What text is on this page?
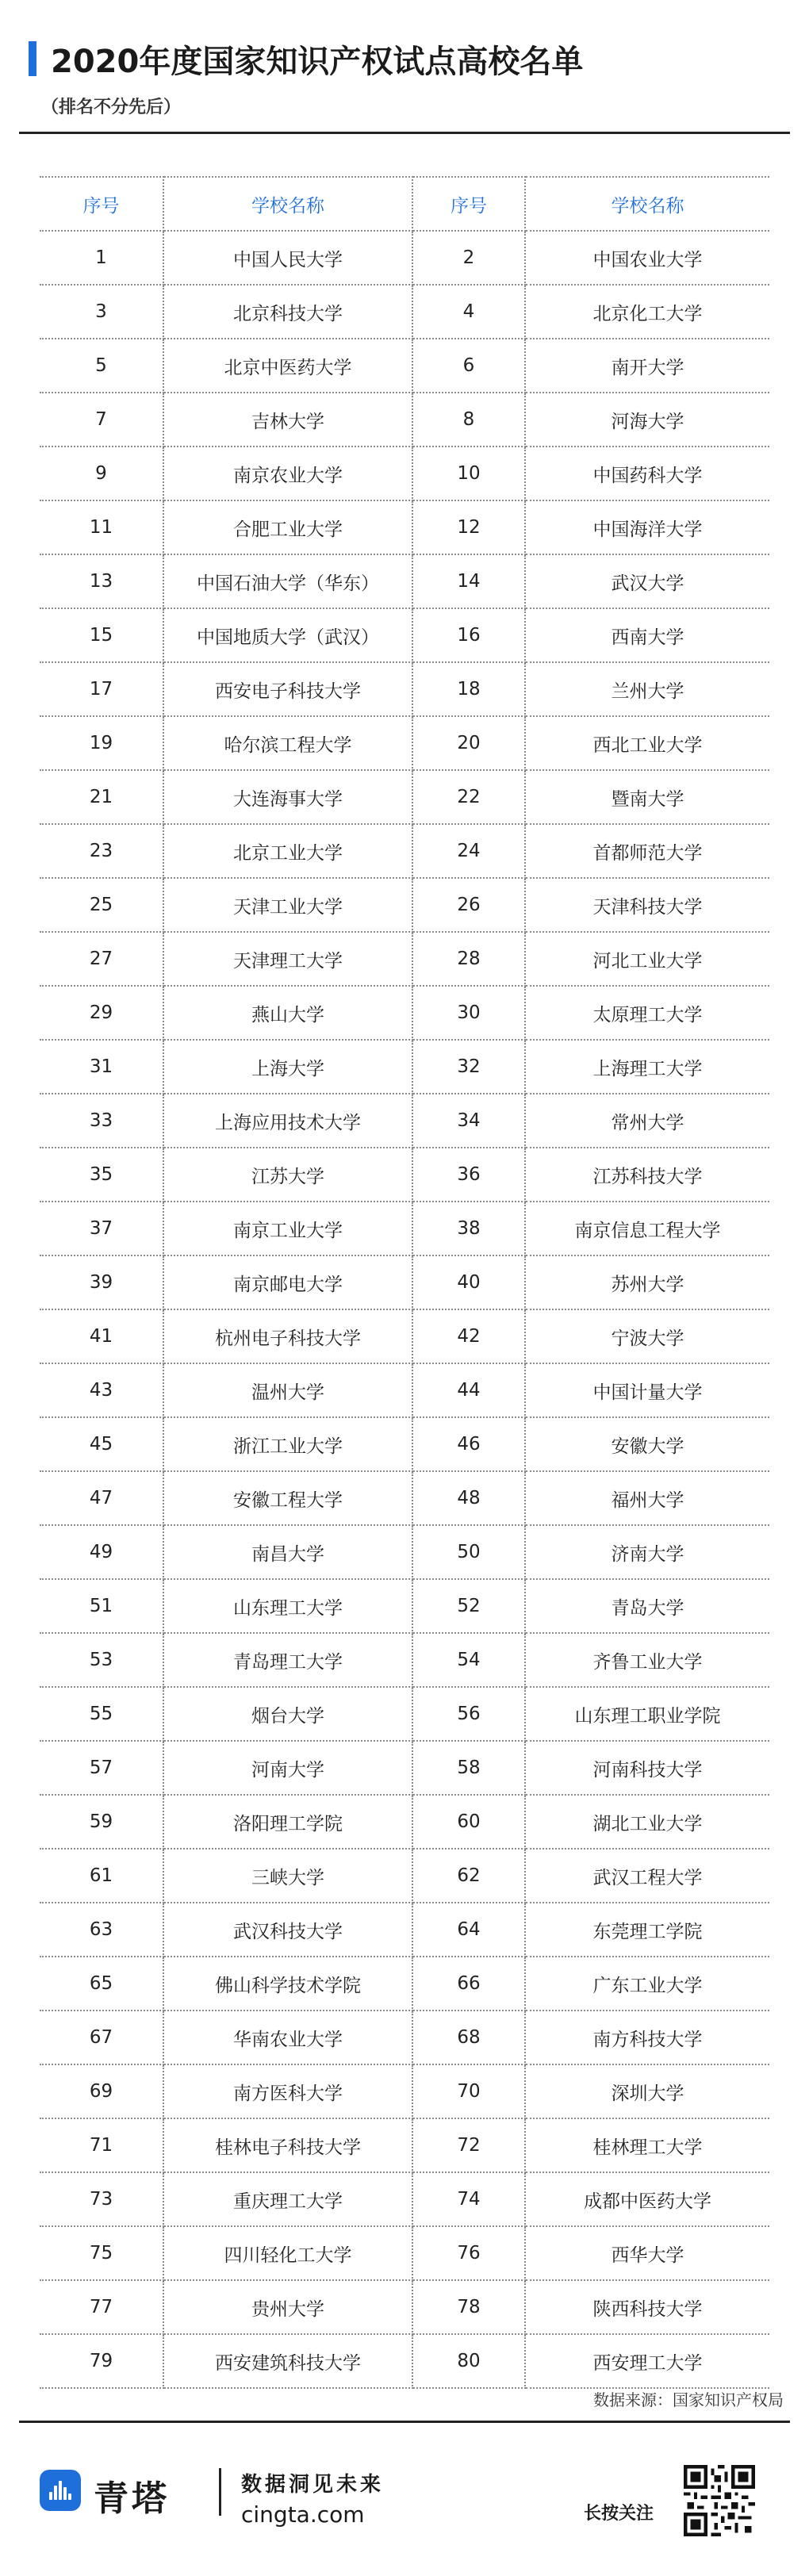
2020年度国家知识产权试点高校名单
（排名不分先后）
序号	学校名称	序号	学校名称
1	中国人民大学	2	中国农业大学
3	北京科技大学	4	北京化工大学
5	北京中医药大学	6	南开大学
7	吉林大学	8	河海大学
9	南京农业大学	10	中国药科大学
11	合肥工业大学	12	中国海洋大学
13	中国石油大学（华东）	14	武汉大学
15	中国地质大学（武汉）	16	西南大学
17	西安电子科技大学	18	兰州大学
19	哈尔滨工程大学	20	西北工业大学
21	大连海事大学	22	暨南大学
23	北京工业大学	24	首都师范大学
25	天津工业大学	26	天津科技大学
27	天津理工大学	28	河北工业大学
29	燕山大学	30	太原理工大学
31	上海大学	32	上海理工大学
33	上海应用技术大学	34	常州大学
35	江苏大学	36	江苏科技大学
37	南京工业大学	38	南京信息工程大学
39	南京邮电大学	40	苏州大学
41	杭州电子科技大学	42	宁波大学
43	温州大学	44	中国计量大学
45	浙江工业大学	46	安徽大学
47	安徽工程大学	48	福州大学
49	南昌大学	50	济南大学
51	山东理工大学	52	青岛大学
53	青岛理工大学	54	齐鲁工业大学
55	烟台大学	56	山东理工职业学院
57	河南大学	58	河南科技大学
59	洛阳理工学院	60	湖北工业大学
61	三峡大学	62	武汉工程大学
63	武汉科技大学	64	东莞理工学院
65	佛山科学技术学院	66	广东工业大学
67	华南农业大学	68	南方科技大学
69	南方医科大学	70	深圳大学
71	桂林电子科技大学	72	桂林理工大学
73	重庆理工大学	74	成都中医药大学
75	四川轻化工大学	76	西华大学
77	贵州大学	78	陕西科技大学
79	西安建筑科技大学	80	西安理工大学
数据来源：国家知识产权局
青塔	数据洞见未来
cingta.com	长按关注
